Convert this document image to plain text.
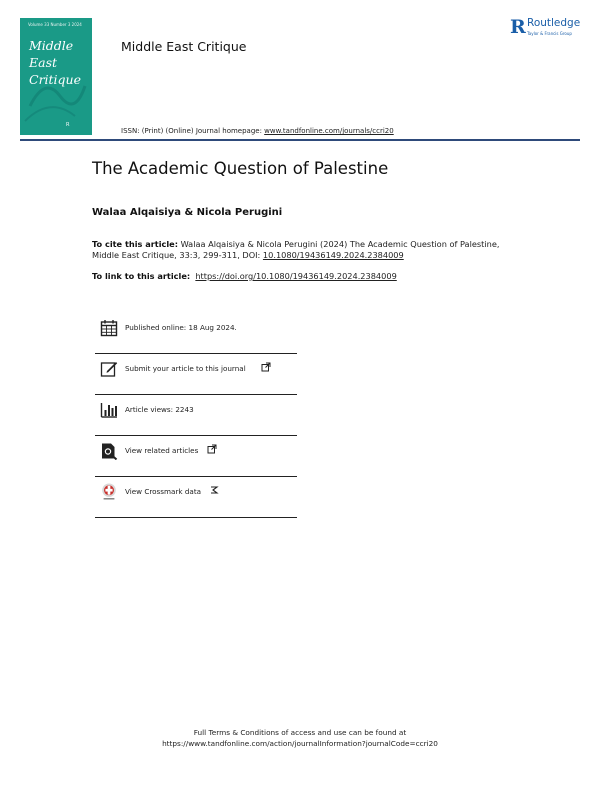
Volume 33 Number 3 2024
Middle East
Critique
R
Middle East Critique
R Routledge
Taylor & Francis Group
ISSN: (Print) (Online) Journal homepage: www.tandfonline.com/journals/ccri20
The Academic Question of Palestine
Walaa Alqaisiya & Nicola Perugini
To cite this article: Walaa Alqaisiya & Nicola Perugini (2024) The Academic Question of Palestine, Middle East Critique, 33:3, 299-311, DOI: 10.1080/19436149.2024.2384009
To link to this article: https://doi.org/10.1080/19436149.2024.2384009
Published online: 18 Aug 2024.
Submit your article to this journal
Article views: 2243
View related articles
View Crossmark data
Full Terms & Conditions of access and use can be found at
https://www.tandfonline.com/action/journalInformation?journalCode=ccri20
